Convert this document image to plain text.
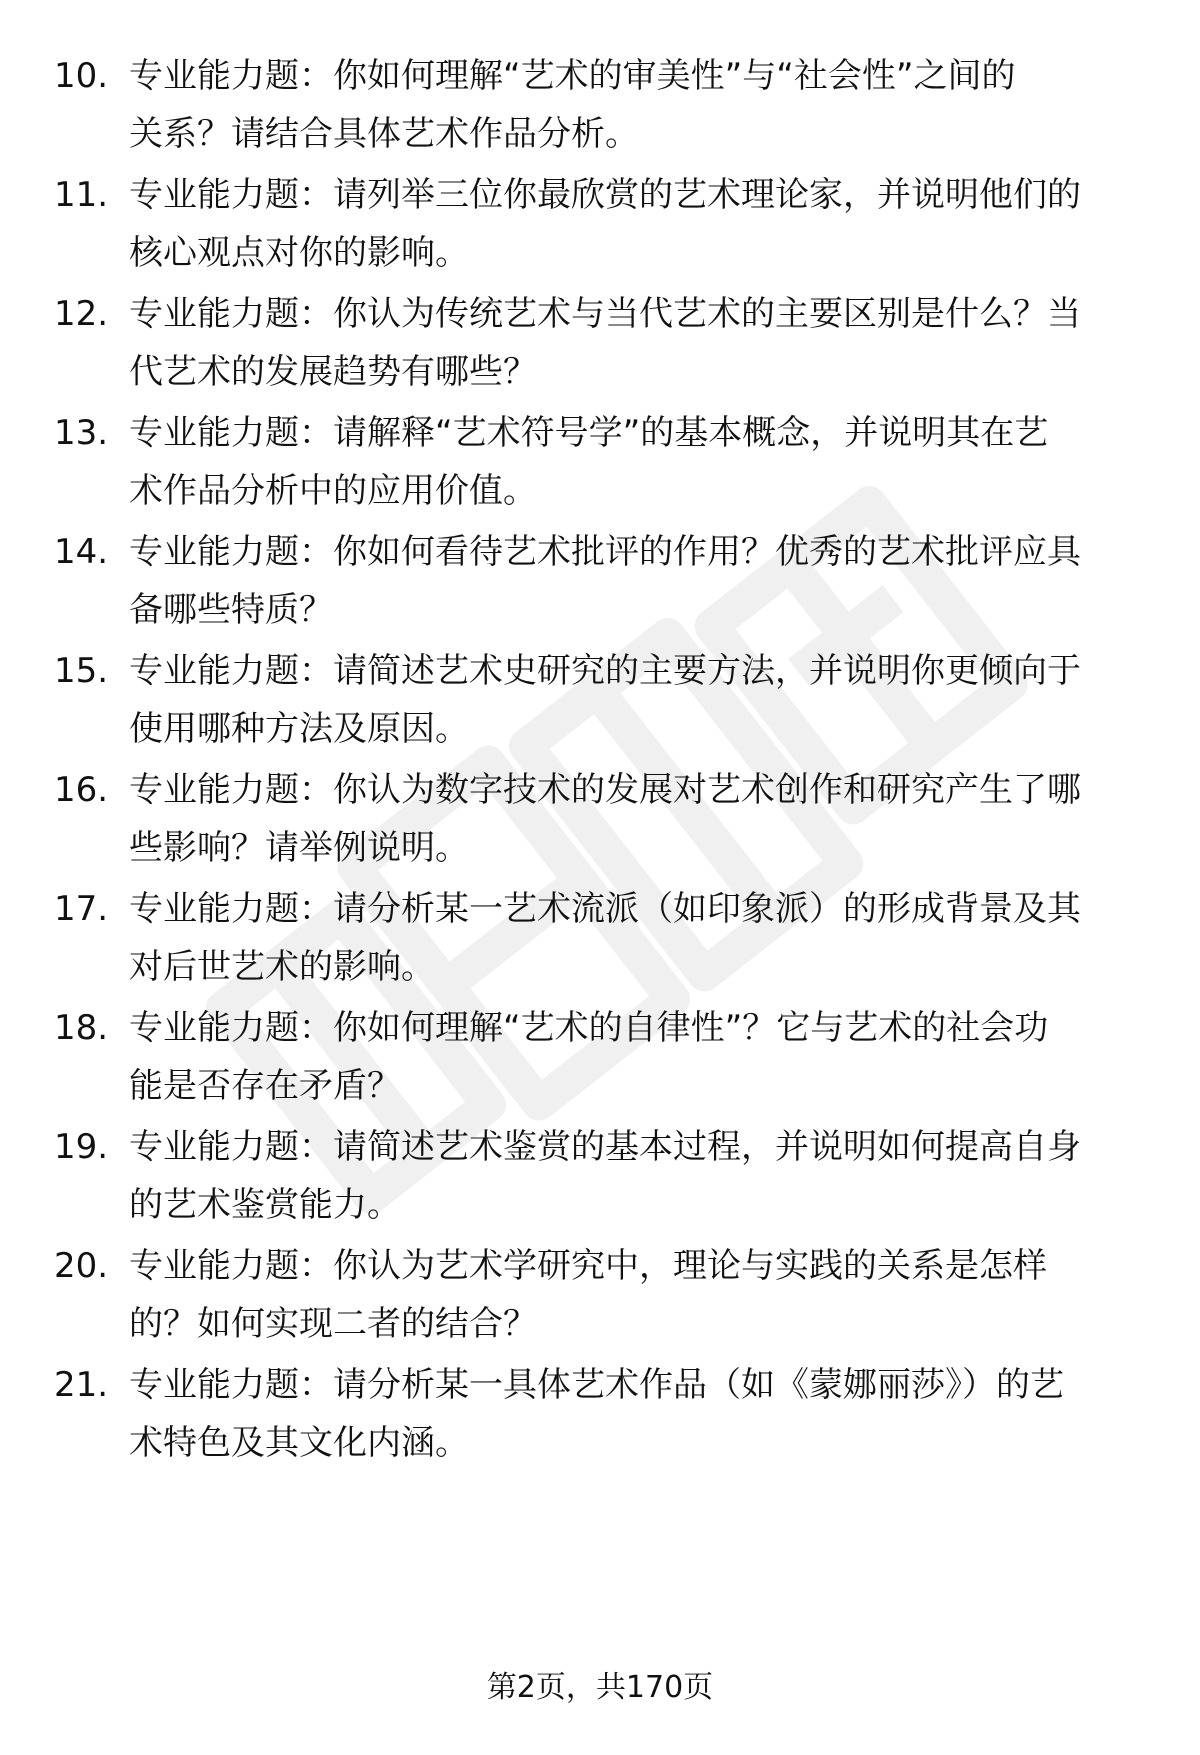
10. 专业能力题：你如何理解“艺术的审美性”与“社会性”之间的
关系？请结合具体艺术作品分析。
11. 专业能力题：请列举三位你最欣赏的艺术理论家，并说明他们的
核心观点对你的影响。
12. 专业能力题：你认为传统艺术与当代艺术的主要区别是什么？当
代艺术的发展趋势有哪些？
13. 专业能力题：请解释“艺术符号学”的基本概念，并说明其在艺
术作品分析中的应用价值。
14. 专业能力题：你如何看待艺术批评的作用？优秀的艺术批评应具
备哪些特质？
15. 专业能力题：请简述艺术史研究的主要方法，并说明你更倾向于
使用哪种方法及原因。
16. 专业能力题：你认为数字技术的发展对艺术创作和研究产生了哪
些影响？请举例说明。
17. 专业能力题：请分析某一艺术流派（如印象派）的形成背景及其
对后世艺术的影响。
18. 专业能力题：你如何理解“艺术的自律性”？它与艺术的社会功
能是否存在矛盾？
19. 专业能力题：请简述艺术鉴赏的基本过程，并说明如何提高自身
的艺术鉴赏能力。
20. 专业能力题：你认为艺术学研究中，理论与实践的关系是怎样
的？如何实现二者的结合？
21. 专业能力题：请分析某一具体艺术作品（如《蒙娜丽莎》）的艺
术特色及其文化内涵。
第2页，共170页
